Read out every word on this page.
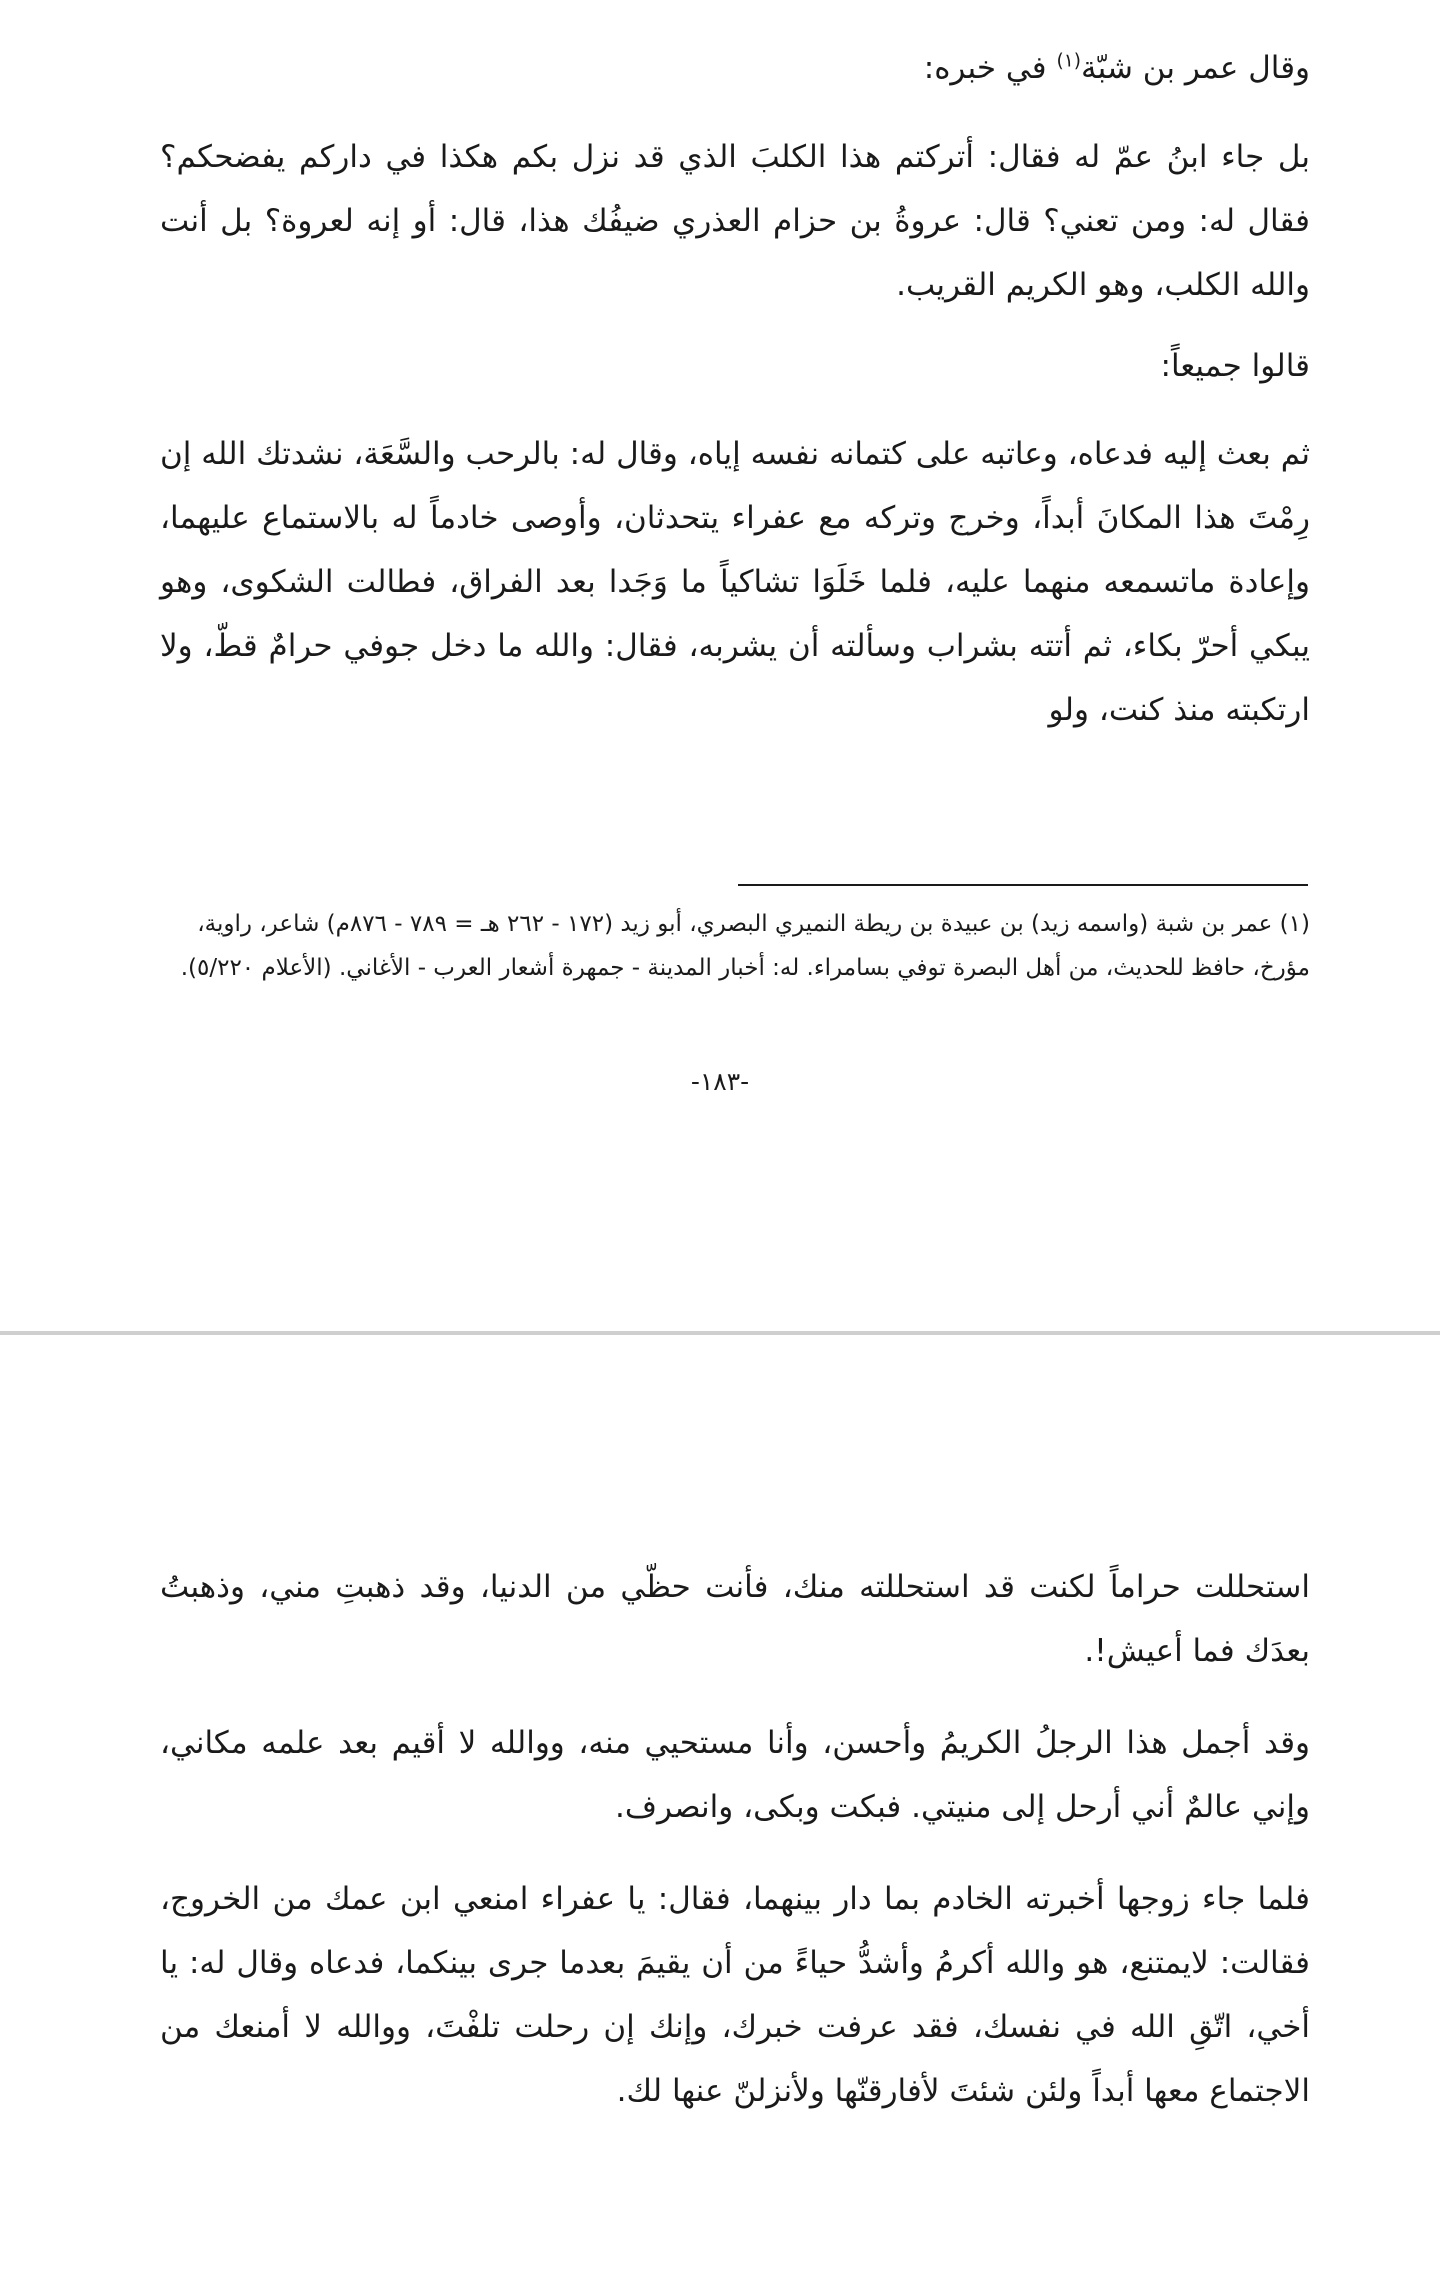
وقال عمر بن شبّة$^{(١)}$ في خبره:

بل جاء ابنُ عمّ له فقال: أتركتم هذا الكلبَ الذي قد نزل بكم هكذا في داركم يفضحكم؟ فقال له: ومن تعني؟ قال: عروةُ بن حزام العذري ضيفُك هذا، قال: أو إنه لعروة؟ بل أنت والله الكلب، وهو الكريم القريب.

قالوا جميعاً:

ثم بعث إليه فدعاه، وعاتبه على كتمانه نفسه إياه، وقال له: بالرحب والسَّعَة، نشدتك الله إن رِمْتَ هذا المكانَ أبداً، وخرج وتركه مع عفراء يتحدثان، وأوصى خادماً له بالاستماع عليهما، وإعادة ماتسمعه منهما عليه، فلما خَلَوَا تشاكياً ما وَجَدا بعد الفراق، فطالت الشكوى، وهو يبكي أحرّ بكاء، ثم أتته بشراب وسألته أن يشربه، فقال: والله ما دخل جوفي حرامٌ قطّ، ولا ارتكبته منذ كنت، ولو

(١) عمر بن شبة (واسمه زيد) بن عبيدة بن ريطة النميري البصري، أبو زيد (١٧٢ - ٢٦٢ هـ = ٧٨٩ - ٨٧٦م) شاعر، راوية، مؤرخ، حافظ للحديث، من أهل البصرة توفي بسامراء. له: أخبار المدينة - جمهرة أشعار العرب - الأغاني. (الأعلام ٥/٢٢٠).
-١٨٣-

استحللت حراماً لكنت قد استحللته منك، فأنت حظّي من الدنيا، وقد ذهبتِ مني، وذهبتُ بعدَك فما أعيش!.

وقد أجمل هذا الرجلُ الكريمُ وأحسن، وأنا مستحيي منه، ووالله لا أقيم بعد علمه مكاني، وإني عالمٌ أني أرحل إلى منيتي. فبكت وبكى، وانصرف.

فلما جاء زوجها أخبرته الخادم بما دار بينهما، فقال: يا عفراء امنعي ابن عمك من الخروج، فقالت: لايمتنع، هو والله أكرمُ وأشدُّ حياءً من أن يقيمَ بعدما جرى بينكما، فدعاه وقال له: يا أخي، اتّقِ الله في نفسك، فقد عرفت خبرك، وإنك إن رحلت تلفْتَ، ووالله لا أمنعك من الاجتماع معها أبداً ولئن شئتَ لأفارقنّها ولأنزلنّ عنها لك.
